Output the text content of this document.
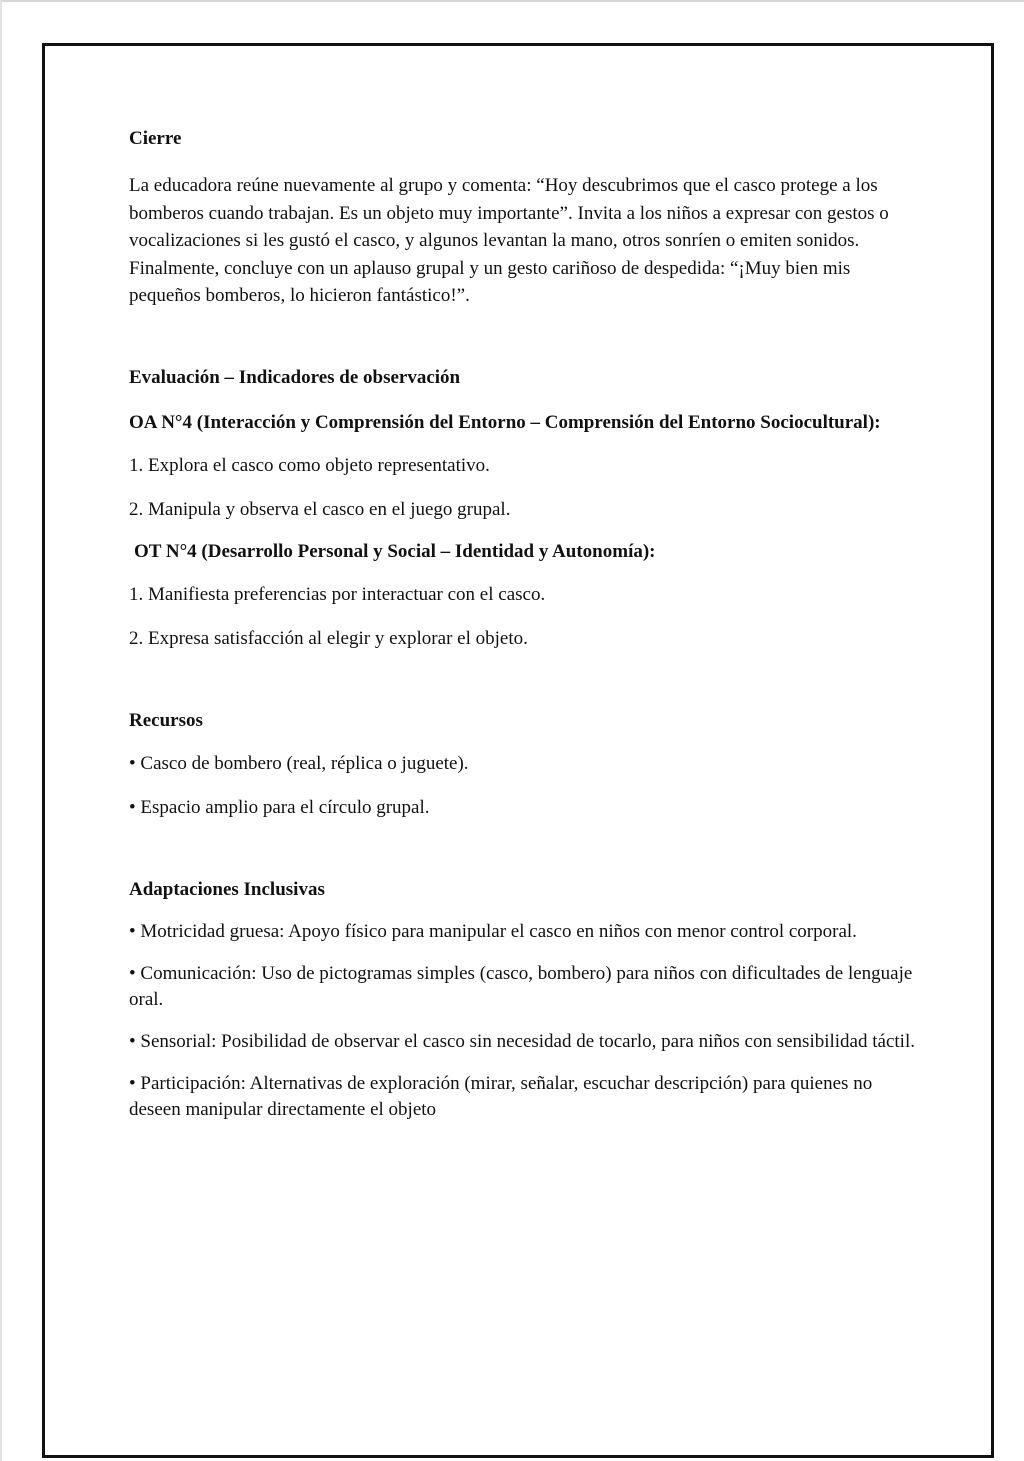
Cierre

La educadora reúne nuevamente al grupo y comenta: “Hoy descubrimos que el casco protege a los bomberos cuando trabajan. Es un objeto muy importante”. Invita a los niños a expresar con gestos o vocalizaciones si les gustó el casco, y algunos levantan la mano, otros sonríen o emiten sonidos. Finalmente, concluye con un aplauso grupal y un gesto cariñoso de despedida: “¡Muy bien mis pequeños bomberos, lo hicieron fantástico!”.

Evaluación – Indicadores de observación

OA N°4 (Interacción y Comprensión del Entorno – Comprensión del Entorno Sociocultural):

1. Explora el casco como objeto representativo.

2. Manipula y observa el casco en el juego grupal.

OT N°4 (Desarrollo Personal y Social – Identidad y Autonomía):

1. Manifiesta preferencias por interactuar con el casco.

2. Expresa satisfacción al elegir y explorar el objeto.

Recursos

• Casco de bombero (real, réplica o juguete).

• Espacio amplio para el círculo grupal.

Adaptaciones Inclusivas

• Motricidad gruesa: Apoyo físico para manipular el casco en niños con menor control corporal.

• Comunicación: Uso de pictogramas simples (casco, bombero) para niños con dificultades de lenguaje oral.

• Sensorial: Posibilidad de observar el casco sin necesidad de tocarlo, para niños con sensibilidad táctil.

• Participación: Alternativas de exploración (mirar, señalar, escuchar descripción) para quienes no deseen manipular directamente el objeto
